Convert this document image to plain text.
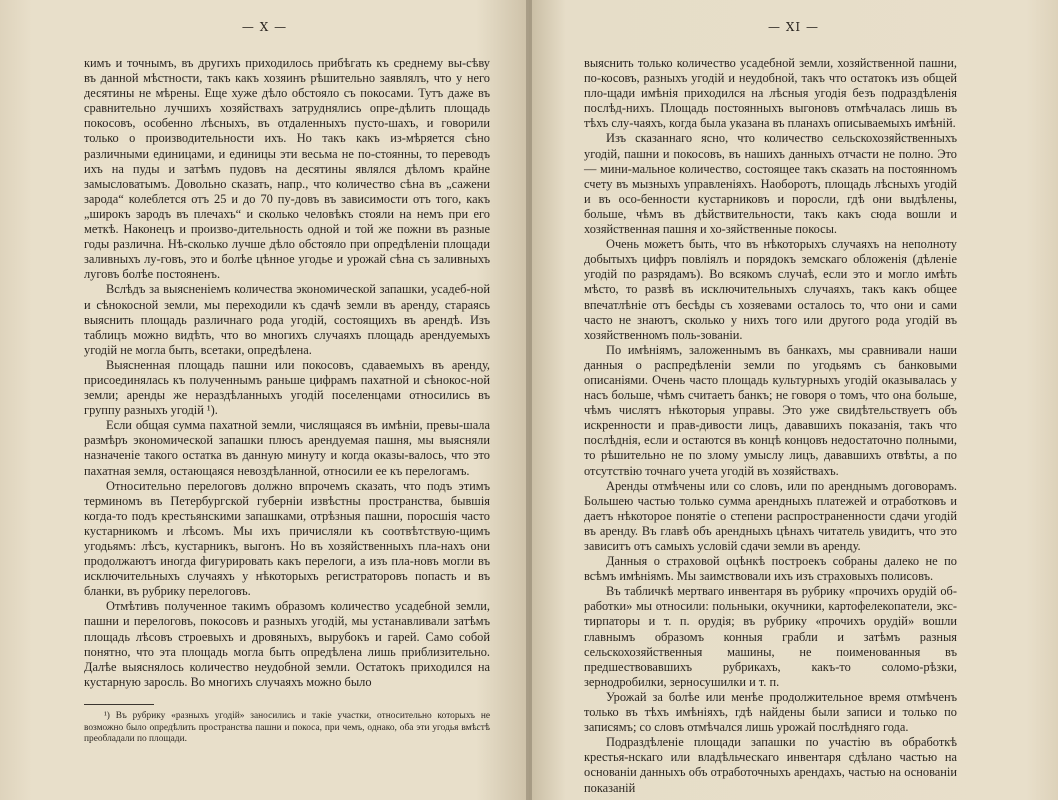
— X —

кимъ и точнымъ, въ другихъ приходилось прибѣгать къ среднему вы-сѣву въ данной мѣстности, такъ какъ хозяинъ рѣшительно заявлялъ, что у него десятины не мѣрены. Еще хуже дѣло обстояло съ покосами. Тутъ даже въ сравнительно лучшихъ хозяйствахъ затруднялись опре-дѣлить площадь покосовъ, особенно лѣсныхъ, въ отдаленныхъ пусто-шахъ, и говорили только о производительности ихъ. Но такъ какъ из-мѣряется сѣно различными единицами, и единицы эти весьма не по-стоянны, то переводъ ихъ на пуды и затѣмъ пудовъ на десятины являлся дѣломъ крайне замысловатымъ. Довольно сказать, напр., что количество сѣна въ „сажени зарода“ колеблется отъ 25 и до 70 пу-довъ въ зависимости отъ того, какъ „широкъ зародъ въ плечахъ“ и сколько человѣкъ стояли на немъ при его меткѣ. Наконецъ и произво-дительность одной и той же пожни въ разные годы различна. Нѣ-сколько лучше дѣло обстояло при опредѣленіи площади заливныхъ лу-говъ, это и болѣе цѣнное угодье и урожай сѣна съ заливныхъ луговъ болѣе постояненъ.

Вслѣдъ за выясненіемъ количества экономической запашки, усадеб-ной и сѣнокосной земли, мы переходили къ сдачѣ земли въ аренду, стараясь выяснить площадь различнаго рода угодій, состоящихъ въ арендѣ. Изъ таблицъ можно видѣть, что во многихъ случаяхъ площадь арендуемыхъ угодій не могла быть, всетаки, опредѣлена.

Выясненная площадь пашни или покосовъ, сдаваемыхъ въ аренду, присоединялась къ полученнымъ раньше цифрамъ пахатной и сѣнокос-ной земли; аренды же нераздѣланныхъ угодій поселенцами относились въ группу разныхъ угодій ¹).

Если общая сумма пахатной земли, числящаяся въ имѣніи, превы-шала размѣръ экономической запашки плюсъ арендуемая пашня, мы выясняли назначеніе такого остатка въ данную минуту и когда оказы-валось, что это пахатная земля, остающаяся невоздѣланной, относили ее къ перелогамъ.

Относительно перелоговъ должно впрочемъ сказать, что подъ этимъ терминомъ въ Петербургской губерніи извѣстны пространства, бывшія когда-то подъ крестьянскими запашками, отрѣзныя пашни, поросшія часто кустарникомъ и лѣсомъ. Мы ихъ причисляли къ соотвѣтствую-щимъ угодьямъ: лѣсъ, кустарникъ, выгонъ. Но въ хозяйственныхъ пла-нахъ они продолжаютъ иногда фигурировать какъ перелоги, а изъ пла-новъ могли въ исключительныхъ случаяхъ у нѣкоторыхъ регистраторовъ попасть и въ бланки, въ рубрику перелоговъ.

Отмѣтивъ полученное такимъ образомъ количество усадебной земли, пашни и перелоговъ, покосовъ и разныхъ угодій, мы устанавливали затѣмъ площадь лѣсовъ строевыхъ и дровяныхъ, вырубокъ и гарей. Само собой понятно, что эта площадь могла быть опредѣлена лишь приблизительно. Далѣе выяснялось количество неудобной земли. Остатокъ приходился на кустарную заросль. Во многихъ случаяхъ можно было

¹) Въ рубрику «разныхъ угодій» заносились и такіе участки, относительно которыхъ не возможно было опредѣлить пространства пашни и покоса, при чемъ, однако, оба эти угодья вмѣстѣ преобладали по площади.
— XI —

выяснить только количество усадебной земли, хозяйственной пашни, по-косовъ, разныхъ угодій и неудобной, такъ что остатокъ изъ общей пло-щади имѣнія приходился на лѣсныя угодія безъ подраздѣленія послѣд-нихъ. Площадь постоянныхъ выгоновъ отмѣчалась лишь въ тѣхъ слу-чаяхъ, когда была указана въ планахъ описываемыхъ имѣній.

Изъ сказаннаго ясно, что количество сельскохозяйственныхъ угодій, пашни и покосовъ, въ нашихъ данныхъ отчасти не полно. Это — мини-мальное количество, состоящее такъ сказать на постоянномъ счету въ мызныхъ управленіяхъ. Наоборотъ, площадь лѣсныхъ угодій и въ осо-бенности кустарниковъ и поросли, гдѣ они выдѣлены, больше, чѣмъ въ дѣйствительности, такъ какъ сюда вошли и хозяйственная пашня и хо-зяйственные покосы.

Очень можетъ быть, что въ нѣкоторыхъ случаяхъ на неполноту добытыхъ цифръ повліялъ и порядокъ земскаго обложенія (дѣленіе угодій по разрядамъ). Во всякомъ случаѣ, если это и могло имѣть мѣсто, то развѣ въ исключительныхъ случаяхъ, такъ какъ общее впечатлѣніе отъ бесѣды съ хозяевами осталось то, что они и сами часто не знаютъ, сколько у нихъ того или другого рода угодій въ хозяйственномъ поль-зованіи.

По имѣніямъ, заложеннымъ въ банкахъ, мы сравнивали наши данныя о распредѣленіи земли по угодьямъ съ банковыми описаніями. Очень часто площадь культурныхъ угодій оказывалась у насъ больше, чѣмъ считаетъ банкъ; не говоря о томъ, что она больше, чѣмъ числятъ нѣкоторыя управы. Это уже свидѣтельствуетъ объ искренности и прав-дивости лицъ, дававшихъ показанія, такъ что послѣднія, если и остаются въ концѣ концовъ недостаточно полными, то рѣшительно не по злому умыслу лицъ, дававшихъ отвѣты, а по отсутствію точнаго учета угодій въ хозяйствахъ.

Аренды отмѣчены или со словъ, или по аренднымъ договорамъ. Большею частью только сумма арендныхъ платежей и отработковъ и даетъ нѣкоторое понятіе о степени распространенности сдачи угодій въ аренду. Въ главѣ объ арендныхъ цѣнахъ читатель увидитъ, что это зависитъ отъ самыхъ условій сдачи земли въ аренду.

Данныя о страховой оцѣнкѣ построекъ собраны далеко не по всѣмъ имѣніямъ. Мы заимствовали ихъ изъ страховыхъ полисовъ.

Въ табличкѣ мертваго инвентаря въ рубрику «прочихъ орудій об-работки» мы относили: польныки, окучники, картофелекопатели, экс-тирпаторы и т. п. орудія; въ рубрику «прочихъ орудій» вошли главнымъ образомъ конныя грабли и затѣмъ разныя сельскохозяйственныя машины, не поименованныя въ предшествовавшихъ рубрикахъ, какъ-то соломо-рѣзки, зернодробилки, зерносушилки и т. п.

Урожай за болѣе или менѣе продолжительное время отмѣченъ только въ тѣхъ имѣніяхъ, гдѣ найдены были записи и только по записямъ; со словъ отмѣчался лишь урожай послѣдняго года.

Подраздѣленіе площади запашки по участію въ обработкѣ крестья-нскаго или владѣльческаго инвентаря сдѣлано частью на основаніи данныхъ объ отработочныхъ арендахъ, частью на основаніи показаній
